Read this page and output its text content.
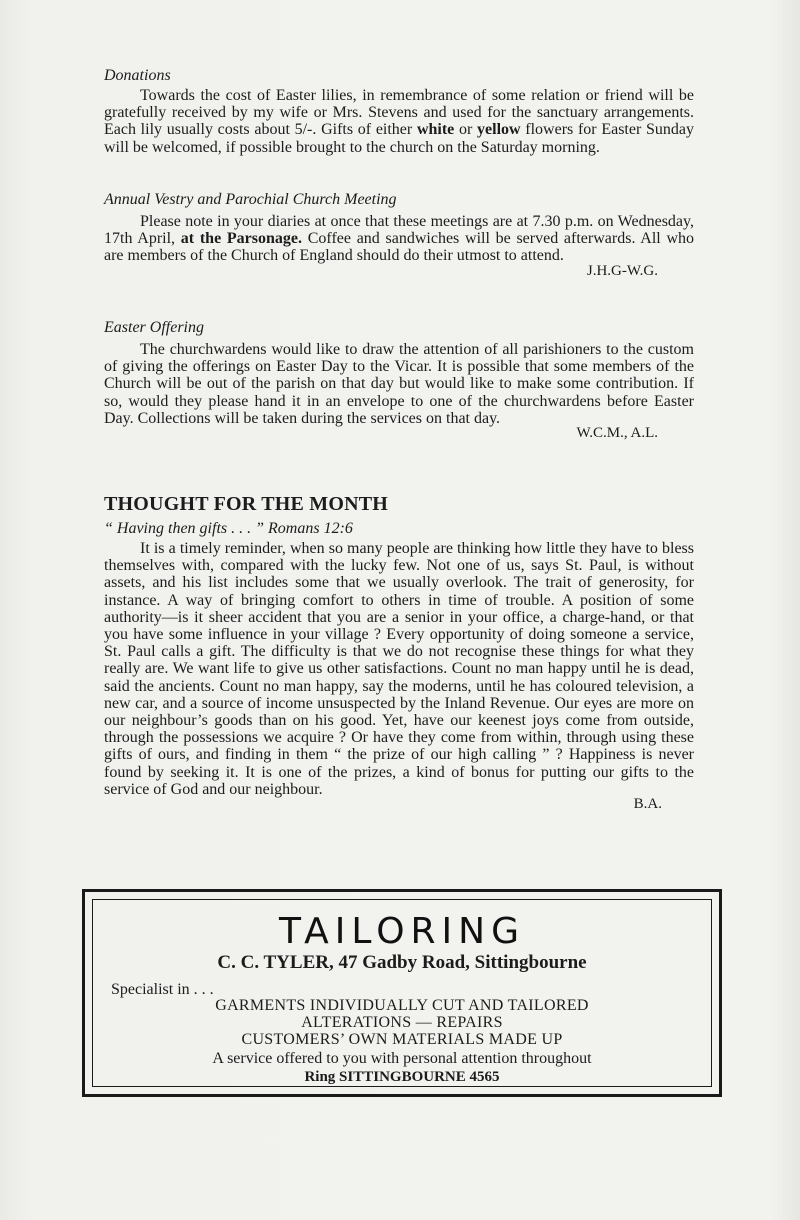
Donations

Towards the cost of Easter lilies, in remembrance of some relation or friend will be gratefully received by my wife or Mrs. Stevens and used for the sanctuary arrangements. Each lily usually costs about 5/-. Gifts of either white or yellow flowers for Easter Sunday will be welcomed, if possible brought to the church on the Saturday morning.

Annual Vestry and Parochial Church Meeting

Please note in your diaries at once that these meetings are at 7.30 p.m. on Wednesday, 17th April, at the Parsonage. Coffee and sandwiches will be served afterwards. All who are members of the Church of England should do their utmost to attend.

J.H.G-W.G.

Easter Offering

The churchwardens would like to draw the attention of all parishioners to the custom of giving the offerings on Easter Day to the Vicar. It is possible that some members of the Church will be out of the parish on that day but would like to make some contribution. If so, would they please hand it in an envelope to one of the churchwardens before Easter Day. Collections will be taken during the services on that day.

W.C.M., A.L.

THOUGHT FOR THE MONTH

“ Having then gifts . . . ” Romans 12:6

It is a timely reminder, when so many people are thinking how little they have to bless themselves with, compared with the lucky few. Not one of us, says St. Paul, is without assets, and his list includes some that we usually overlook. The trait of generosity, for instance. A way of bringing comfort to others in time of trouble. A position of some authority—is it sheer accident that you are a senior in your office, a charge-hand, or that you have some influence in your village ? Every opportunity of doing someone a service, St. Paul calls a gift. The difficulty is that we do not recognise these things for what they really are. We want life to give us other satisfactions. Count no man happy until he is dead, said the ancients. Count no man happy, say the moderns, until he has coloured television, a new car, and a source of income unsuspected by the Inland Revenue. Our eyes are more on our neighbour’s goods than on his good. Yet, have our keenest joys come from outside, through the possessions we acquire ? Or have they come from within, through using these gifts of ours, and finding in them “ the prize of our high calling ” ? Happiness is never found by seeking it. It is one of the prizes, a kind of bonus for putting our gifts to the service of God and our neighbour.

B.A.

TAILORING
C. C. TYLER, 47 Gadby Road, Sittingbourne
Specialist in . . .
GARMENTS INDIVIDUALLY CUT AND TAILORED
ALTERATIONS — REPAIRS
CUSTOMERS’ OWN MATERIALS MADE UP
A service offered to you with personal attention throughout
Ring SITTINGBOURNE 4565
